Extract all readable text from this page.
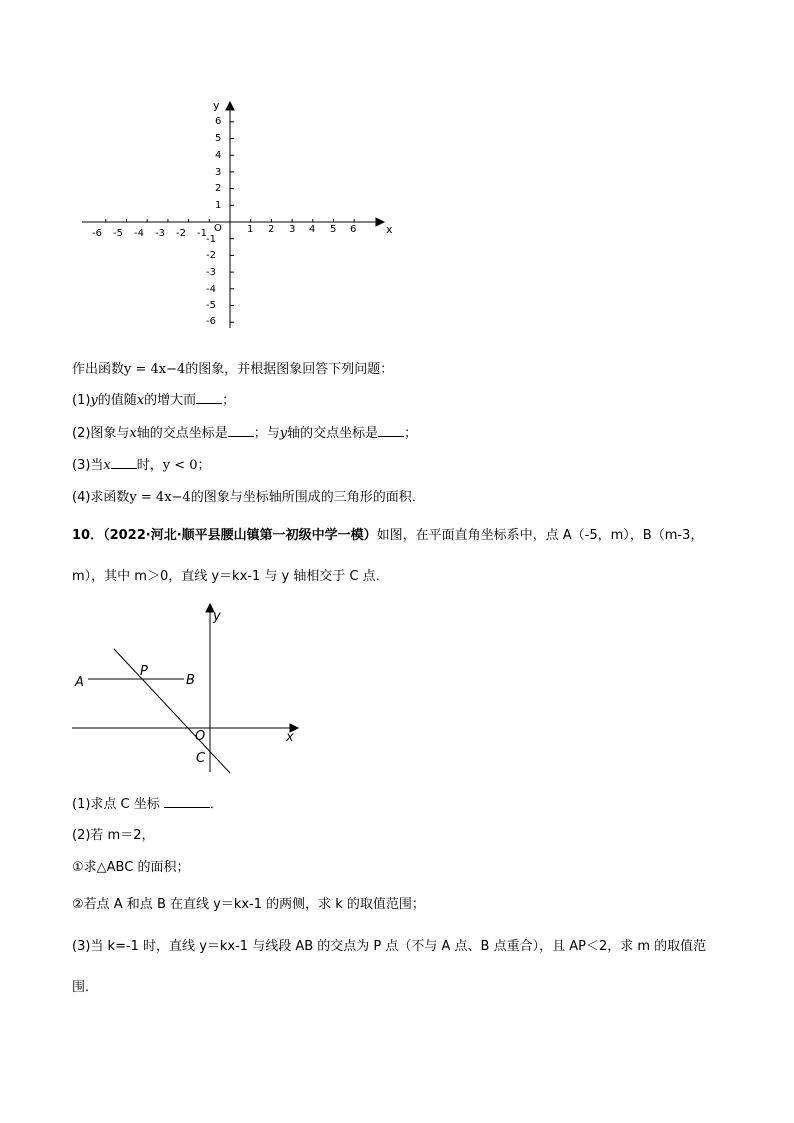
-6 -5 -4 -3 -2 -1	1 2 3 4 5 6
O	x
y
6
5
4
3
2
1
-1
-2
-3
-4
-5
-6
作出函数y = 4x−4的图象，并根据图象回答下列问题：
(1)y的值随x的增大而 ；
(2)图象与x轴的交点坐标是 ；与y轴的交点坐标是 ；
(3)当x 时，y < 0；
(4)求函数y = 4x−4的图象与坐标轴所围成的三角形的面积．
10．（2022·河北·顺平县腰山镇第一初级中学一模）如图，在平面直角坐标系中，点 A（-5，m），B（m-3，
m），其中 m＞0，直线 y＝kx-1 与 y 轴相交于 C 点．
A	B
P
O
C
x
y
(1)求点 C 坐标	．
(2)若 m＝2，
①求△ABC 的面积；
②若点 A 和点 B 在直线 y＝kx-1 的两侧，求 k 的取值范围；
(3)当 k=-1 时，直线 y＝kx-1 与线段 AB 的交点为 P 点（不与 A 点、B 点重合），且 AP＜2，求 m 的取值范
围．
